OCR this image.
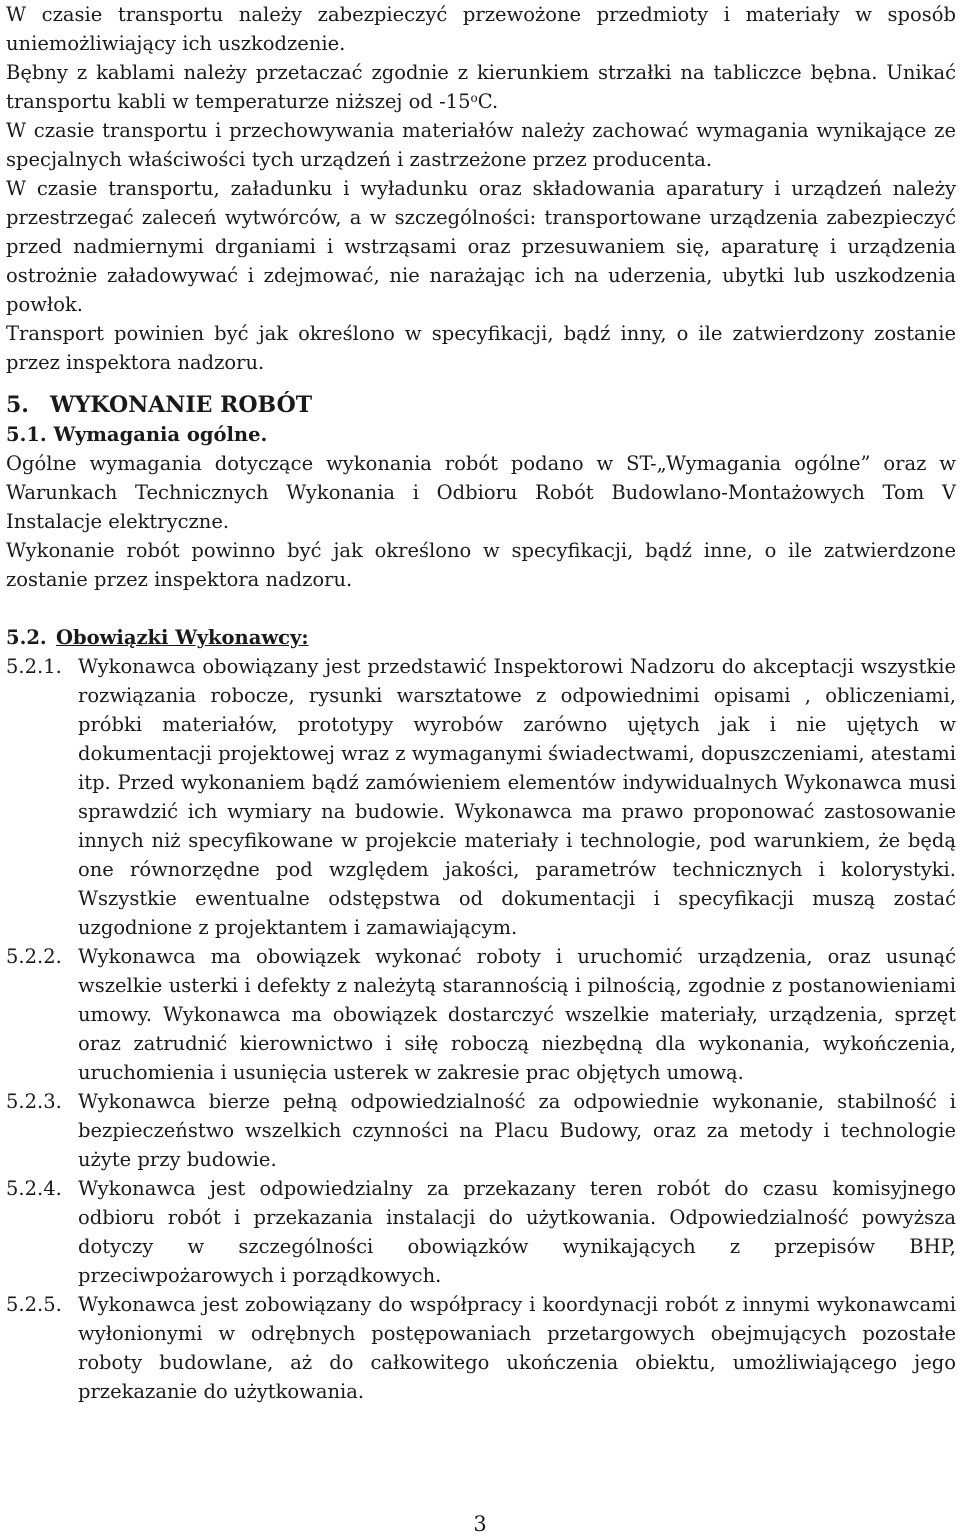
W czasie transportu należy zabezpieczyć przewożone przedmioty i materiały w sposób uniemożliwiający ich uszkodzenie.

Bębny z kablami należy przetaczać zgodnie z kierunkiem strzałki na tabliczce bębna. Unikać transportu kabli w temperaturze niższej od -15$^o$C.

W czasie transportu i przechowywania materiałów należy zachować wymagania wynikające ze specjalnych właściwości tych urządzeń i zastrzeżone przez producenta.

W czasie transportu, załadunku i wyładunku oraz składowania aparatury i urządzeń należy przestrzegać zaleceń wytwórców, a w szczególności: transportowane urządzenia zabezpieczyć przed nadmiernymi drganiami i wstrząsami oraz przesuwaniem się, aparaturę i urządzenia ostrożnie załadowywać i zdejmować, nie narażając ich na uderzenia, ubytki lub uszkodzenia powłok.

Transport powinien być jak określono w specyfikacji, bądź inny, o ile zatwierdzony zostanie przez inspektora nadzoru.

5. WYKONANIE ROBÓT

5.1. Wymagania ogólne.

Ogólne wymagania dotyczące wykonania robót podano w ST-„Wymagania ogólne” oraz w Warunkach Technicznych Wykonania i Odbioru Robót Budowlano-Montażowych Tom V Instalacje elektryczne.

Wykonanie robót powinno być jak określono w specyfikacji, bądź inne, o ile zatwierdzone zostanie przez inspektora nadzoru.

5.2. Obowiązki Wykonawcy:

5.2.1. Wykonawca obowiązany jest przedstawić Inspektorowi Nadzoru do akceptacji wszystkie rozwiązania robocze, rysunki warsztatowe z odpowiednimi opisami , obliczeniami, próbki materiałów, prototypy wyrobów zarówno ujętych jak i nie ujętych w dokumentacji projektowej wraz z wymaganymi świadectwami, dopuszczeniami, atestami itp. Przed wykonaniem bądź zamówieniem elementów indywidualnych Wykonawca musi sprawdzić ich wymiary na budowie. Wykonawca ma prawo proponować zastosowanie innych niż specyfikowane w projekcie materiały i technologie, pod warunkiem, że będą one równorzędne pod względem jakości, parametrów technicznych i kolorystyki. Wszystkie ewentualne odstępstwa od dokumentacji i specyfikacji muszą zostać uzgodnione z projektantem i zamawiającym.
5.2.2. Wykonawca ma obowiązek wykonać roboty i uruchomić urządzenia, oraz usunąć wszelkie usterki i defekty z należytą starannością i pilnością, zgodnie z postanowieniami umowy. Wykonawca ma obowiązek dostarczyć wszelkie materiały, urządzenia, sprzęt oraz zatrudnić kierownictwo i siłę roboczą niezbędną dla wykonania, wykończenia, uruchomienia i usunięcia usterek w zakresie prac objętych umową.
5.2.3. Wykonawca bierze pełną odpowiedzialność za odpowiednie wykonanie, stabilność i bezpieczeństwo wszelkich czynności na Placu Budowy, oraz za metody i technologie użyte przy budowie.
5.2.4. Wykonawca jest odpowiedzialny za przekazany teren robót do czasu komisyjnego odbioru robót i przekazania instalacji do użytkowania. Odpowiedzialność powyższa dotyczy w szczególności obowiązków wynikających z przepisów BHP, przeciwpożarowych i porządkowych.
5.2.5. Wykonawca jest zobowiązany do współpracy i koordynacji robót z innymi wykonawcami wyłonionymi w odrębnych postępowaniach przetargowych obejmujących pozostałe roboty budowlane, aż do całkowitego ukończenia obiektu, umożliwiającego jego przekazanie do użytkowania.
3
